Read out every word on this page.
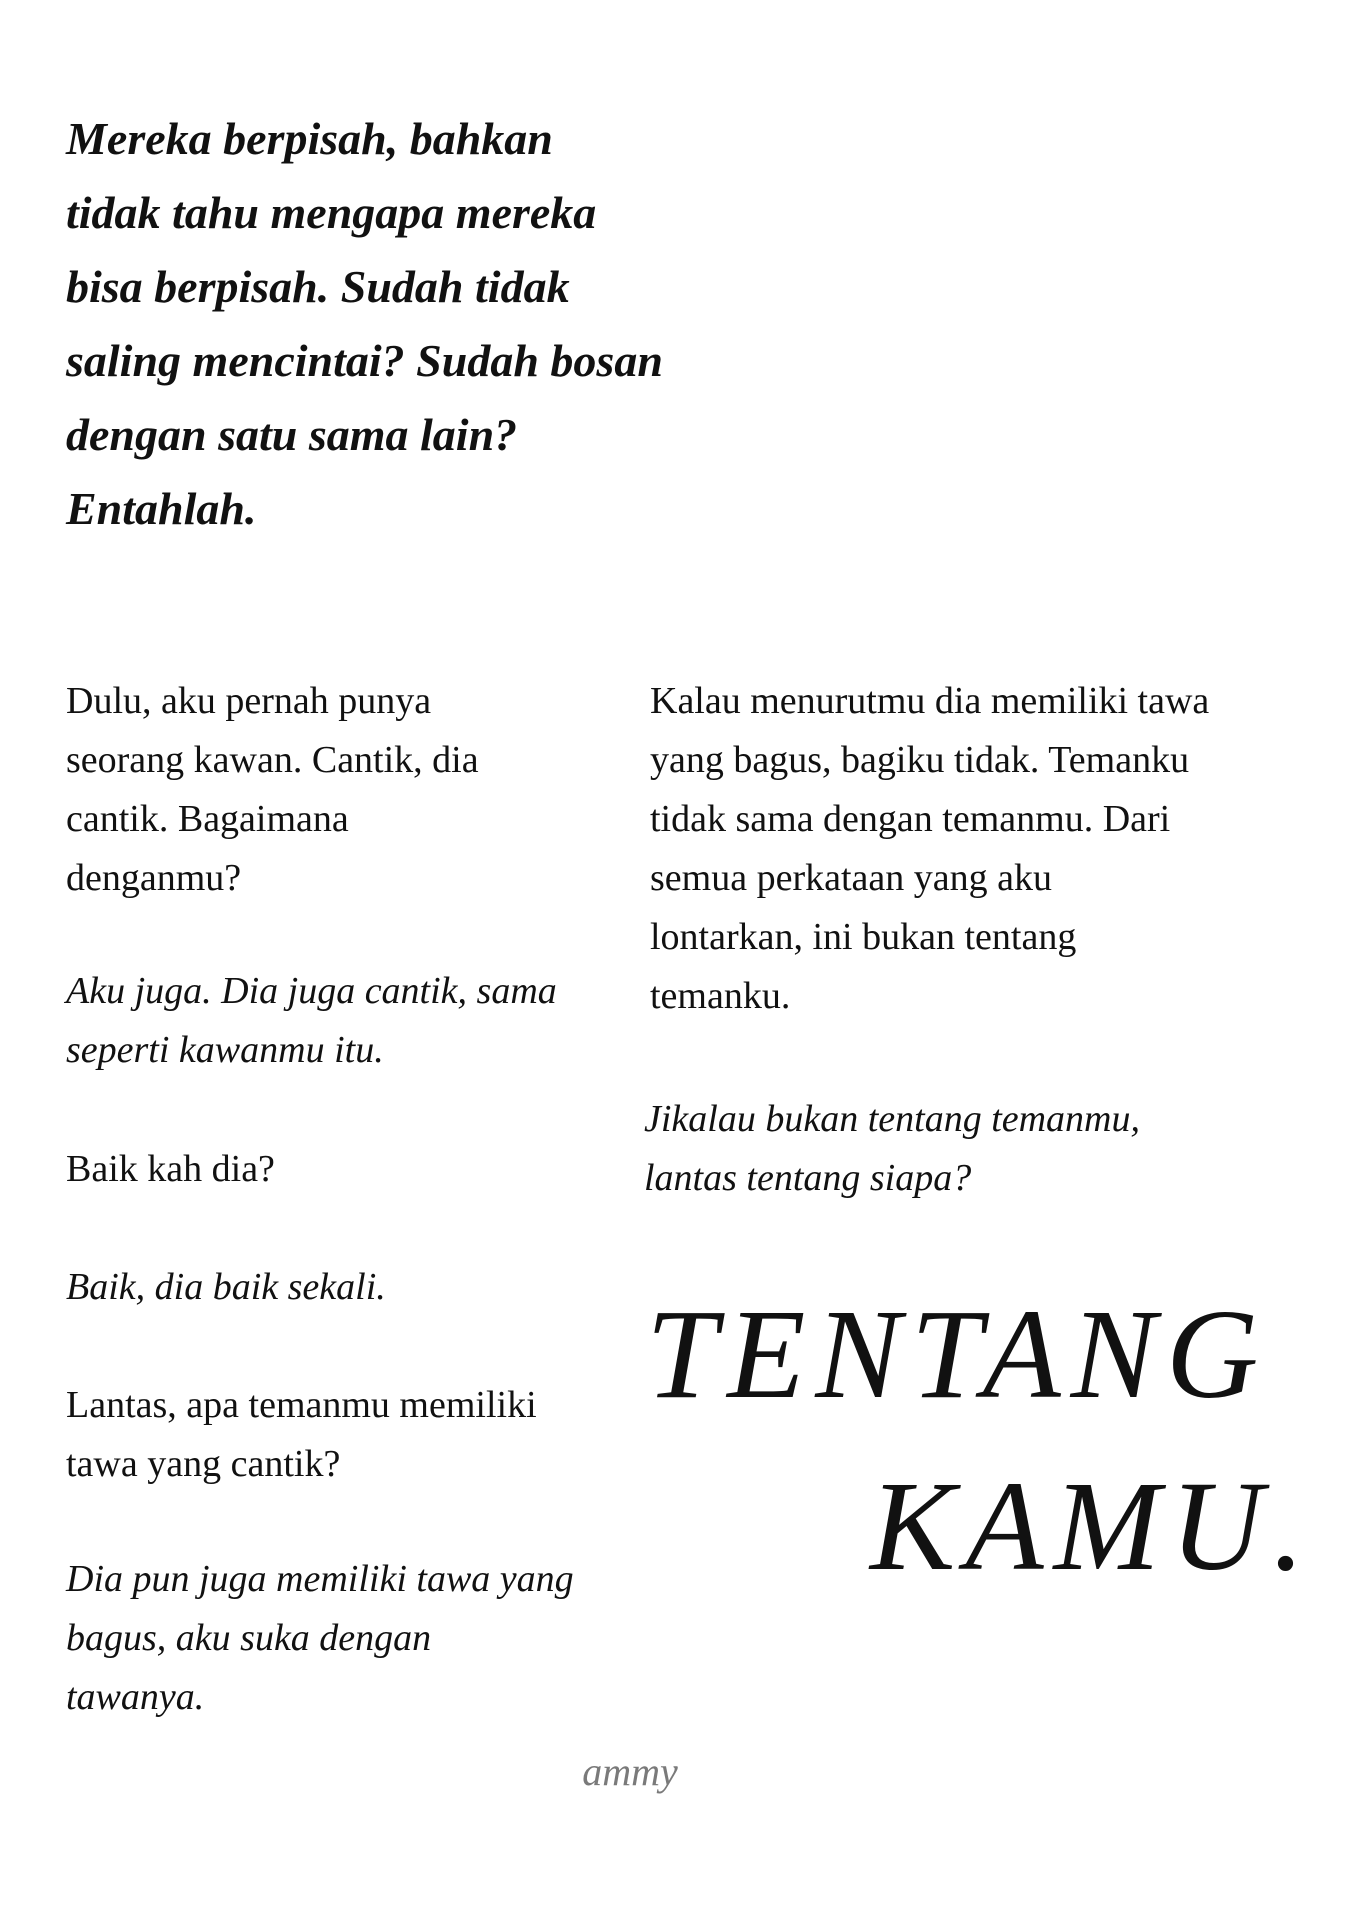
Mereka berpisah, bahkan
tidak tahu mengapa mereka
bisa berpisah. Sudah tidak
saling mencintai? Sudah bosan
dengan satu sama lain?
Entahlah.
Dulu, aku pernah punya
seorang kawan. Cantik, dia
cantik. Bagaimana
denganmu?
Aku juga. Dia juga cantik, sama
seperti kawanmu itu.
Baik kah dia?
Baik, dia baik sekali.
Lantas, apa temanmu memiliki
tawa yang cantik?
Dia pun juga memiliki tawa yang
bagus, aku suka dengan
tawanya.
Kalau menurutmu dia memiliki tawa
yang bagus, bagiku tidak. Temanku
tidak sama dengan temanmu. Dari
semua perkataan yang aku
lontarkan, ini bukan tentang
temanku.
Jikalau bukan tentang temanmu,
lantas tentang siapa?
TENTANG
KAMU.
ammy
